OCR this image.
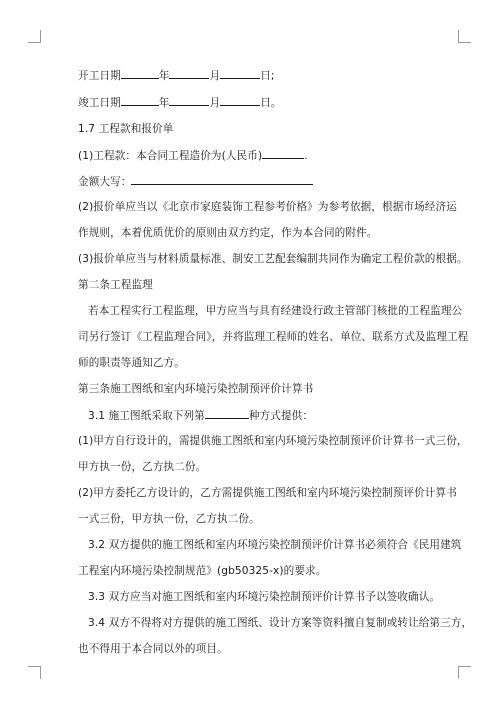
开工日期	年	月	日;
竣工日期	年	月	日。
1.7 工程款和报价单
(1)工程款：本合同工程造价为(人民币)	.
金额大写：
(2)报价单应当以《北京市家庭装饰工程参考价格》为参考依据，根据市场经济运
作规则，本着优质优价的原则由双方约定，作为本合同的附件。
(3)报价单应当与材料质量标准、制安工艺配套编制共同作为确定工程价款的根据。
第二条工程监理
若本工程实行工程监理，甲方应当与具有经建设行政主管部门核批的工程监理公
司另行签订《工程监理合同》，并将监理工程师的姓名、单位、联系方式及监理工程
师的职责等通知乙方。
第三条施工图纸和室内环境污染控制预评价计算书
3.1 施工图纸采取下列第	种方式提供：
(1)甲方自行设计的，需提供施工图纸和室内环境污染控制预评价计算书一式三份，
甲方执一份，乙方执二份。
(2)甲方委托乙方设计的，乙方需提供施工图纸和室内环境污染控制预评价计算书
一式三份，甲方执一份，乙方执二份。
3.2 双方提供的施工图纸和室内环境污染控制预评价计算书必须符合《民用建筑
工程室内环境污染控制规范》(gb50325-x)的要求。
3.3 双方应当对施工图纸和室内环境污染控制预评价计算书予以签收确认。
3.4 双方不得将对方提供的施工图纸、设计方案等资料擅自复制或转让给第三方，
也不得用于本合同以外的项目。
